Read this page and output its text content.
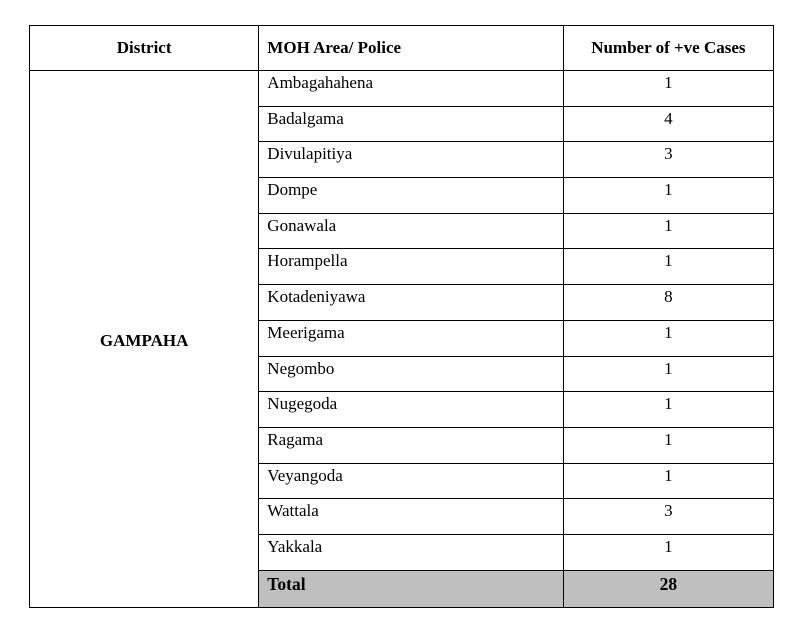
District	MOH Area/ Police	Number of +ve Cases
GAMPAHA	Ambagahahena	1
	Badalgama	4
	Divulapitiya	3
	Dompe	1
	Gonawala	1
	Horampella	1
	Kotadeniyawa	8
	Meerigama	1
	Negombo	1
	Nugegoda	1
	Ragama	1
	Veyangoda	1
	Wattala	3
	Yakkala	1
	Total	28
